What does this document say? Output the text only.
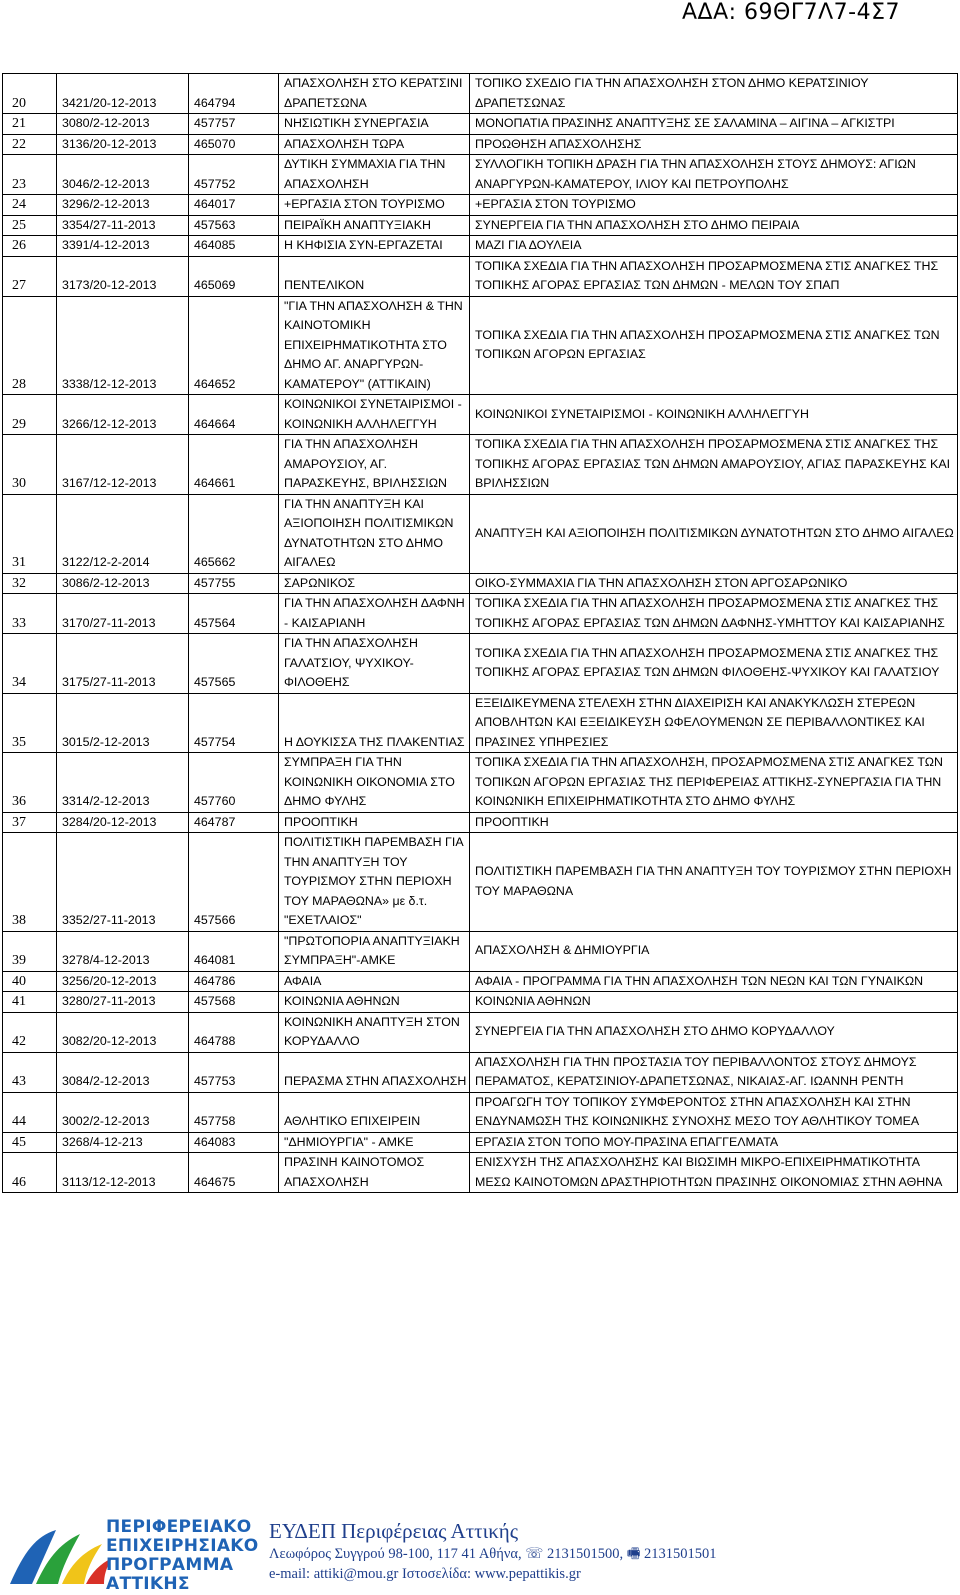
ΑΔΑ: 69ΘΓ7Λ7-4Σ7
20	3421/20-12-2013	464794	ΑΠΑΣΧΟΛΗΣΗ ΣΤΟ ΚΕΡΑΤΣΙΝΙ ΔΡΑΠΕΤΣΩΝΑ	ΤΟΠΙΚΟ ΣΧΕΔΙΟ ΓΙΑ ΤΗΝ ΑΠΑΣΧΟΛΗΣΗ ΣΤΟΝ ΔΗΜΟ ΚΕΡΑΤΣΙΝΙΟΥ ΔΡΑΠΕΤΣΩΝΑΣ
21	3080/2-12-2013	457757	ΝΗΣΙΩΤΙΚΗ ΣΥΝΕΡΓΑΣΙΑ	ΜΟΝΟΠΑΤΙΑ ΠΡΑΣΙΝΗΣ ΑΝΑΠΤΥΞΗΣ ΣΕ ΣΑΛΑΜΙΝΑ – ΑΙΓΙΝΑ – ΑΓΚΙΣΤΡΙ
22	3136/20-12-2013	465070	ΑΠΑΣΧΟΛΗΣΗ ΤΩΡΑ	ΠΡΟΩΘΗΣΗ ΑΠΑΣΧΟΛΗΣΗΣ
23	3046/2-12-2013	457752	ΔΥΤΙΚΗ ΣΥΜΜΑΧΙΑ ΓΙΑ ΤΗΝ ΑΠΑΣΧΟΛΗΣΗ	ΣΥΛΛΟΓΙΚΗ ΤΟΠΙΚΗ ΔΡΑΣΗ ΓΙΑ ΤΗΝ ΑΠΑΣΧΟΛΗΣΗ ΣΤΟΥΣ ΔΗΜΟΥΣ: ΑΓΙΩΝ ΑΝΑΡΓΥΡΩΝ-ΚΑΜΑΤΕΡΟΥ, ΙΛΙΟΥ ΚΑΙ ΠΕΤΡΟΥΠΟΛΗΣ
24	3296/2-12-2013	464017	+ΕΡΓΑΣΙΑ ΣΤΟΝ ΤΟΥΡΙΣΜΟ	+ΕΡΓΑΣΙΑ ΣΤΟΝ ΤΟΥΡΙΣΜΟ
25	3354/27-11-2013	457563	ΠΕΙΡΑΪΚΗ ΑΝΑΠΤΥΞΙΑΚΗ	ΣΥΝΕΡΓΕΙΑ ΓΙΑ ΤΗΝ ΑΠΑΣΧΟΛΗΣΗ ΣΤΟ ΔΗΜΟ ΠΕΙΡΑΙΑ
26	3391/4-12-2013	464085	Η ΚΗΦΙΣΙΑ ΣΥΝ-ΕΡΓΑΖΕΤΑΙ	ΜΑΖΙ ΓΙΑ ΔΟΥΛΕΙΑ
27	3173/20-12-2013	465069	ΠΕΝΤΕΛΙΚΟΝ	ΤΟΠΙΚΑ ΣΧΕΔΙΑ ΓΙΑ ΤΗΝ ΑΠΑΣΧΟΛΗΣΗ ΠΡΟΣΑΡΜΟΣΜΕΝΑ ΣΤΙΣ ΑΝΑΓΚΕΣ ΤΗΣ ΤΟΠΙΚΗΣ ΑΓΟΡΑΣ ΕΡΓΑΣΙΑΣ ΤΩΝ ΔΗΜΩΝ - ΜΕΛΩΝ ΤΟΥ ΣΠΑΠ
28	3338/12-12-2013	464652	"ΓΙΑ ΤΗΝ ΑΠΑΣΧΟΛΗΣΗ & ΤΗΝ ΚΑΙΝΟΤΟΜΙΚΗ ΕΠΙΧΕΙΡΗΜΑΤΙΚΟΤΗΤΑ ΣΤΟ ΔΗΜΟ ΑΓ. ΑΝΑΡΓΥΡΩΝ-ΚΑΜΑΤΕΡΟΥ" (ΑΤΤΙΚΑΙΝ)	ΤΟΠΙΚΑ ΣΧΕΔΙΑ ΓΙΑ ΤΗΝ ΑΠΑΣΧΟΛΗΣΗ ΠΡΟΣΑΡΜΟΣΜΕΝΑ ΣΤΙΣ ΑΝΑΓΚΕΣ ΤΩΝ ΤΟΠΙΚΩΝ ΑΓΟΡΩΝ ΕΡΓΑΣΙΑΣ
29	3266/12-12-2013	464664	ΚΟΙΝΩΝΙΚΟΙ ΣΥΝΕΤΑΙΡΙΣΜΟΙ - ΚΟΙΝΩΝΙΚΗ ΑΛΛΗΛΕΓΓΥΗ	ΚΟΙΝΩΝΙΚΟΙ ΣΥΝΕΤΑΙΡΙΣΜΟΙ - ΚΟΙΝΩΝΙΚΗ ΑΛΛΗΛΕΓΓΥΗ
30	3167/12-12-2013	464661	ΓΙΑ ΤΗΝ ΑΠΑΣΧΟΛΗΣΗ ΑΜΑΡΟΥΣΙΟΥ, ΑΓ. ΠΑΡΑΣΚΕΥΗΣ, ΒΡΙΛΗΣΣΙΩΝ	ΤΟΠΙΚΑ ΣΧΕΔΙΑ ΓΙΑ ΤΗΝ ΑΠΑΣΧΟΛΗΣΗ ΠΡΟΣΑΡΜΟΣΜΕΝΑ ΣΤΙΣ ΑΝΑΓΚΕΣ ΤΗΣ ΤΟΠΙΚΗΣ ΑΓΟΡΑΣ ΕΡΓΑΣΙΑΣ ΤΩΝ ΔΗΜΩΝ ΑΜΑΡΟΥΣΙΟΥ, ΑΓΙΑΣ ΠΑΡΑΣΚΕΥΗΣ ΚΑΙ ΒΡΙΛΗΣΣΙΩΝ
31	3122/12-2-2014	465662	ΓΙΑ ΤΗΝ ΑΝΑΠΤΥΞΗ ΚΑΙ ΑΞΙΟΠΟΙΗΣΗ ΠΟΛΙΤΙΣΜΙΚΩΝ ΔΥΝΑΤΟΤΗΤΩΝ ΣΤΟ ΔΗΜΟ ΑΙΓΑΛΕΩ	ΑΝΑΠΤΥΞΗ ΚΑΙ ΑΞΙΟΠΟΙΗΣΗ ΠΟΛΙΤΙΣΜΙΚΩΝ ΔΥΝΑΤΟΤΗΤΩΝ ΣΤΟ ΔΗΜΟ ΑΙΓΑΛΕΩ
32	3086/2-12-2013	457755	ΣΑΡΩΝΙΚΟΣ	ΟΙΚΟ-ΣΥΜΜΑΧΙΑ ΓΙΑ ΤΗΝ ΑΠΑΣΧΟΛΗΣΗ ΣΤΟΝ ΑΡΓΟΣΑΡΩΝΙΚΟ
33	3170/27-11-2013	457564	ΓΙΑ ΤΗΝ ΑΠΑΣΧΟΛΗΣΗ ΔΑΦΝΗ - ΚΑΙΣΑΡΙΑΝΗ	ΤΟΠΙΚΑ ΣΧΕΔΙΑ ΓΙΑ ΤΗΝ ΑΠΑΣΧΟΛΗΣΗ ΠΡΟΣΑΡΜΟΣΜΕΝΑ ΣΤΙΣ ΑΝΑΓΚΕΣ ΤΗΣ ΤΟΠΙΚΗΣ ΑΓΟΡΑΣ ΕΡΓΑΣΙΑΣ ΤΩΝ ΔΗΜΩΝ ΔΑΦΝΗΣ-ΥΜΗΤΤΟΥ ΚΑΙ ΚΑΙΣΑΡΙΑΝΗΣ
34	3175/27-11-2013	457565	ΓΙΑ ΤΗΝ ΑΠΑΣΧΟΛΗΣΗ ΓΑΛΑΤΣΙΟΥ, ΨΥΧΙΚΟΥ-ΦΙΛΟΘΕΗΣ	ΤΟΠΙΚΑ ΣΧΕΔΙΑ ΓΙΑ ΤΗΝ ΑΠΑΣΧΟΛΗΣΗ ΠΡΟΣΑΡΜΟΣΜΕΝΑ ΣΤΙΣ ΑΝΑΓΚΕΣ ΤΗΣ ΤΟΠΙΚΗΣ ΑΓΟΡΑΣ ΕΡΓΑΣΙΑΣ ΤΩΝ ΔΗΜΩΝ ΦΙΛΟΘΕΗΣ-ΨΥΧΙΚΟΥ ΚΑΙ ΓΑΛΑΤΣΙΟΥ
35	3015/2-12-2013	457754	Η ΔΟΥΚΙΣΣΑ ΤΗΣ ΠΛΑΚΕΝΤΙΑΣ	ΕΞΕΙΔΙΚΕΥΜΕΝΑ ΣΤΕΛΕΧΗ ΣΤΗΝ ΔΙΑΧΕΙΡΙΣΗ ΚΑΙ ΑΝΑΚΥΚΛΩΣΗ ΣΤΕΡΕΩΝ ΑΠΟΒΛΗΤΩΝ ΚΑΙ ΕΞΕΙΔΙΚΕΥΣΗ ΩΦΕΛΟΥΜΕΝΩΝ ΣΕ ΠΕΡΙΒΑΛΛΟΝΤΙΚΕΣ ΚΑΙ ΠΡΑΣΙΝΕΣ ΥΠΗΡΕΣΙΕΣ
36	3314/2-12-2013	457760	ΣΥΜΠΡΑΞΗ ΓΙΑ ΤΗΝ ΚΟΙΝΩΝΙΚΗ ΟΙΚΟΝΟΜΙΑ ΣΤΟ ΔΗΜΟ ΦΥΛΗΣ	ΤΟΠΙΚΑ ΣΧΕΔΙΑ ΓΙΑ ΤΗΝ ΑΠΑΣΧΟΛΗΣΗ, ΠΡΟΣΑΡΜΟΣΜΕΝΑ ΣΤΙΣ ΑΝΑΓΚΕΣ ΤΩΝ ΤΟΠΙΚΩΝ ΑΓΟΡΩΝ ΕΡΓΑΣΙΑΣ ΤΗΣ ΠΕΡΙΦΕΡΕΙΑΣ ΑΤΤΙΚΗΣ-ΣΥΝΕΡΓΑΣΙΑ ΓΙΑ ΤΗΝ ΚΟΙΝΩΝΙΚΗ ΕΠΙΧΕΙΡΗΜΑΤΙΚΟΤΗΤΑ ΣΤΟ ΔΗΜΟ ΦΥΛΗΣ
37	3284/20-12-2013	464787	ΠΡΟΟΠΤΙΚΗ	ΠΡΟΟΠΤΙΚΗ
38	3352/27-11-2013	457566	ΠΟΛΙΤΙΣΤΙΚΗ ΠΑΡΕΜΒΑΣΗ ΓΙΑ ΤΗΝ ΑΝΑΠΤΥΞΗ ΤΟΥ ΤΟΥΡΙΣΜΟΥ ΣΤΗΝ ΠΕΡΙΟΧΗ ΤΟΥ ΜΑΡΑΘΩΝΑ» με δ.τ. "ΕΧΕΤΛΑΙΟΣ"	ΠΟΛΙΤΙΣΤΙΚΗ ΠΑΡΕΜΒΑΣΗ ΓΙΑ ΤΗΝ ΑΝΑΠΤΥΞΗ ΤΟΥ ΤΟΥΡΙΣΜΟΥ ΣΤΗΝ ΠΕΡΙΟΧΗ ΤΟΥ ΜΑΡΑΘΩΝΑ
39	3278/4-12-2013	464081	"ΠΡΩΤΟΠΟΡΙΑ ΑΝΑΠΤΥΞΙΑΚΗ ΣΥΜΠΡΑΞΗ"-ΑΜΚΕ	ΑΠΑΣΧΟΛΗΣΗ & ΔΗΜΙΟΥΡΓΙΑ
40	3256/20-12-2013	464786	ΑΦΑΙΑ	ΑΦΑΙΑ - ΠΡΟΓΡΑΜΜΑ ΓΙΑ ΤΗΝ ΑΠΑΣΧΟΛΗΣΗ ΤΩΝ ΝΕΩΝ ΚΑΙ ΤΩΝ ΓΥΝΑΙΚΩΝ
41	3280/27-11-2013	457568	ΚΟΙΝΩΝΙΑ ΑΘΗΝΩΝ	ΚΟΙΝΩΝΙΑ ΑΘΗΝΩΝ
42	3082/20-12-2013	464788	ΚΟΙΝΩΝΙΚΗ ΑΝΑΠΤΥΞΗ ΣΤΟΝ ΚΟΡΥΔΑΛΛΟ	ΣΥΝΕΡΓΕΙΑ ΓΙΑ ΤΗΝ ΑΠΑΣΧΟΛΗΣΗ ΣΤΟ ΔΗΜΟ ΚΟΡΥΔΑΛΛΟΥ
43	3084/2-12-2013	457753	ΠΕΡΑΣΜΑ ΣΤΗΝ ΑΠΑΣΧΟΛΗΣΗ	ΑΠΑΣΧΟΛΗΣΗ ΓΙΑ ΤΗΝ ΠΡΟΣΤΑΣΙΑ ΤΟΥ ΠΕΡΙΒΑΛΛΟΝΤΟΣ ΣΤΟΥΣ ΔΗΜΟΥΣ ΠΕΡΑΜΑΤΟΣ, ΚΕΡΑΤΣΙΝΙΟΥ-ΔΡΑΠΕΤΣΩΝΑΣ, ΝΙΚΑΙΑΣ-ΑΓ. ΙΩΑΝΝΗ ΡΕΝΤΗ
44	3002/2-12-2013	457758	ΑΘΛΗΤΙΚΟ ΕΠΙΧΕΙΡΕΙΝ	ΠΡΟΑΓΩΓΗ ΤΟΥ ΤΟΠΙΚΟΥ ΣΥΜΦΕΡΟΝΤΟΣ ΣΤΗΝ ΑΠΑΣΧΟΛΗΣΗ ΚΑΙ ΣΤΗΝ ΕΝΔΥΝΑΜΩΣΗ ΤΗΣ ΚΟΙΝΩΝΙΚΗΣ ΣΥΝΟΧΗΣ ΜΕΣΟ ΤΟΥ ΑΘΛΗΤΙΚΟΥ ΤΟΜΕΑ
45	3268/4-12-213	464083	"ΔΗΜΙΟΥΡΓΙΑ" - ΑΜΚΕ	ΕΡΓΑΣΙΑ ΣΤΟΝ ΤΟΠΟ ΜΟΥ-ΠΡΑΣΙΝΑ ΕΠΑΓΓΕΛΜΑΤΑ
46	3113/12-12-2013	464675	ΠΡΑΣΙΝΗ ΚΑΙΝΟΤΟΜΟΣ ΑΠΑΣΧΟΛΗΣΗ	ΕΝΙΣΧΥΣΗ ΤΗΣ ΑΠΑΣΧΟΛΗΣΗΣ ΚΑΙ ΒΙΩΣΙΜΗ ΜΙΚΡΟ-ΕΠΙΧΕΙΡΗΜΑΤΙΚΟΤΗΤΑ ΜΕΣΩ ΚΑΙΝΟΤΟΜΩΝ ΔΡΑΣΤΗΡΙΟΤΗΤΩΝ ΠΡΑΣΙΝΗΣ ΟΙΚΟΝΟΜΙΑΣ ΣΤΗΝ ΑΘΗΝΑ
ΠΕΡΙΦΕΡΕΙΑΚΟ
ΕΠΙΧΕΙΡΗΣΙΑΚΟ
ΠΡΟΓΡΑΜΜΑ
ΑΤΤΙΚΗΣ
ΕΥΔΕΠ Περιφέρειας Αττικής
Λεωφόρος Συγγρού 98-100, 117 41 Αθήνα, ☏ 2131501500, 🖷 2131501501
e-mail: attiki@mou.gr Ιστοσελίδα: www.pepattikis.gr
